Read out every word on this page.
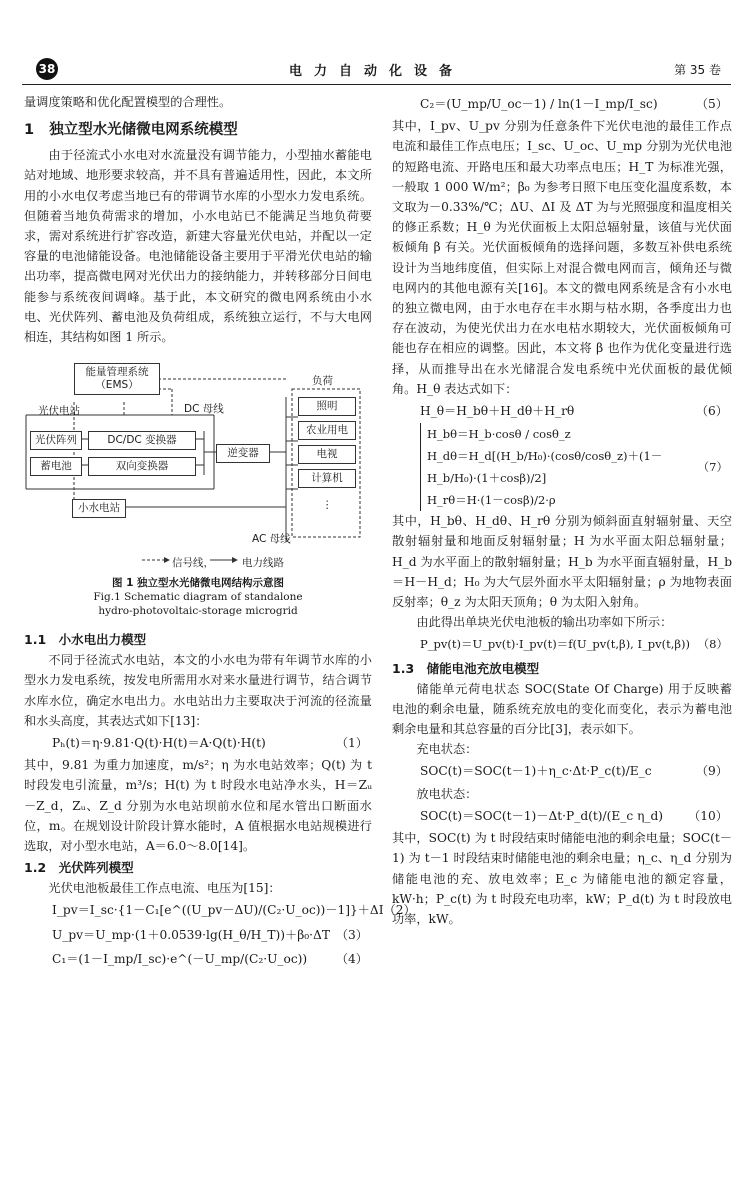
38	电力自动化设备	第 35 卷

量调度策略和优化配置模型的合理性。

1 独立型水光储微电网系统模型

由于径流式小水电对水流量没有调节能力，小型抽水蓄能电站对地域、地形要求较高，并不具有普遍适用性，因此，本文所用的小水电仅考虑当地已有的带调节水库的小型水力发电系统。但随着当地负荷需求的增加，小水电站已不能满足当地负荷要求，需对系统进行扩容改造，新建大容量光伏电站，并配以一定容量的电池储能设备。电池储能设备主要用于平滑光伏电站的输出功率，提高微电网对光伏出力的接纳能力，并转移部分日间电能参与系统夜间调峰。基于此，本文研究的微电网系统由小水电、光伏阵列、蓄电池及负荷组成，系统独立运行，不与大电网相连，其结构如图 1 所示。

能量管理系统
（EMS）
光伏电站	DC 母线
光伏阵列	DC/DC 变换器
蓄电池	双向变换器
逆变器
小水电站
AC 母线
负荷
照明
农业用电
电视
计算机
⋮
信号线，	电力线路
图 1 独立型水光储微电网结构示意图
Fig.1 Schematic diagram of standalone
hydro-photovoltaic-storage microgrid
1.1　小水电出力模型

不同于径流式水电站，本文的小水电为带有年调节水库的小型水力发电系统，按发电所需用水对来水量进行调节，结合调节水库水位，确定水电出力。水电站出力主要取决于河流的径流量和水头高度，其表达式如下[13]：

Pₕ(t)＝η·9.81·Q(t)·H(t)＝A·Q(t)·H(t)	（1）

其中，9.81 为重力加速度，m/s²；η 为水电站效率；Q(t) 为 t 时段发电引流量，m³/s；H(t) 为 t 时段水电站净水头，H＝Zᵤ－Z_d，Zᵤ、Z_d 分别为水电站坝前水位和尾水管出口断面水位，m。在规划设计阶段计算水能时，A 值根据水电站规模进行选取，对小型水电站，A＝6.0～8.0[14]。

1.2　光伏阵列模型

光伏电池板最佳工作点电流、电压为[15]：

I_pv＝I_sc·{1－C₁[e^((U_pv－ΔU)/(C₂·U_oc))－1]}＋ΔI （2）
U_pv＝U_mp·(1＋0.0539·lg(H_θ/H_T))＋β₀·ΔT （3）
C₁＝(1－I_mp/I_sc)·e^(－U_mp/(C₂·U_oc)) （4）
C₂＝(U_mp/U_oc－1) / ln(1－I_mp/I_sc)	（5）

其中，I_pv、U_pv 分别为任意条件下光伏电池的最佳工作点电流和最佳工作点电压；I_sc、U_oc、U_mp 分别为光伏电池的短路电流、开路电压和最大功率点电压；H_T 为标准光强，一般取 1 000 W/m²；β₀ 为参考日照下电压变化温度系数，本文取为－0.33%/℃；ΔU、ΔI 及 ΔT 为与光照强度和温度相关的修正系数；H_θ 为光伏面板上太阳总辐射量，该值与光伏面板倾角 β 有关。光伏面板倾角的选择问题，多数互补供电系统设计为当地纬度值，但实际上对混合微电网而言，倾角还与微电网内的其他电源有关[16]。本文的微电网系统是含有小水电的独立微电网，由于水电存在丰水期与枯水期，各季度出力也存在波动，为使光伏出力在水电枯水期较大，光伏面板倾角可能也存在相应的调整。因此，本文将 β 也作为优化变量进行选择，从而推导出在水光储混合发电系统中光伏面板的最优倾角。H_θ 表达式如下：

H_θ＝H_bθ＋H_dθ＋H_rθ	（6）
H_bθ＝H_b·cosθ / cosθ_z
H_dθ＝H_d[(H_b/H₀)·(cosθ/cosθ_z)＋(1－H_b/H₀)·(1＋cosβ)/2]
H_rθ＝H·(1－cosβ)/2·ρ
（7）

其中，H_bθ、H_dθ、H_rθ 分别为倾斜面直射辐射量、天空散射辐射量和地面反射辐射量；H 为水平面太阳总辐射量；H_d 为水平面上的散射辐射量；H_b 为水平面直辐射量，H_b＝H－H_d；H₀ 为大气层外面水平太阳辐射量；ρ 为地物表面反射率；θ_z 为太阳天顶角；θ 为太阳入射角。

由此得出单块光伏电池板的输出功率如下所示：

P_pv(t)＝U_pv(t)·I_pv(t)＝f(U_pv(t,β), I_pv(t,β)) （8）
1.3　储能电池充放电模型

储能单元荷电状态 SOC(State Of Charge) 用于反映蓄电池的剩余电量，随系统充放电的变化而变化，表示为蓄电池剩余电量和其总容量的百分比[3]，表示如下。

充电状态：

SOC(t)＝SOC(t－1)＋η_c·Δt·P_c(t)/E_c	（9）

放电状态：

SOC(t)＝SOC(t－1)－Δt·P_d(t)/(E_c η_d) （10）

其中，SOC(t) 为 t 时段结束时储能电池的剩余电量；SOC(t－1) 为 t－1 时段结束时储能电池的剩余电量；η_c、η_d 分别为储能电池的充、放电效率；E_c 为储能电池的额定容量，kW·h；P_c(t) 为 t 时段充电功率，kW；P_d(t) 为 t 时段放电功率，kW。
